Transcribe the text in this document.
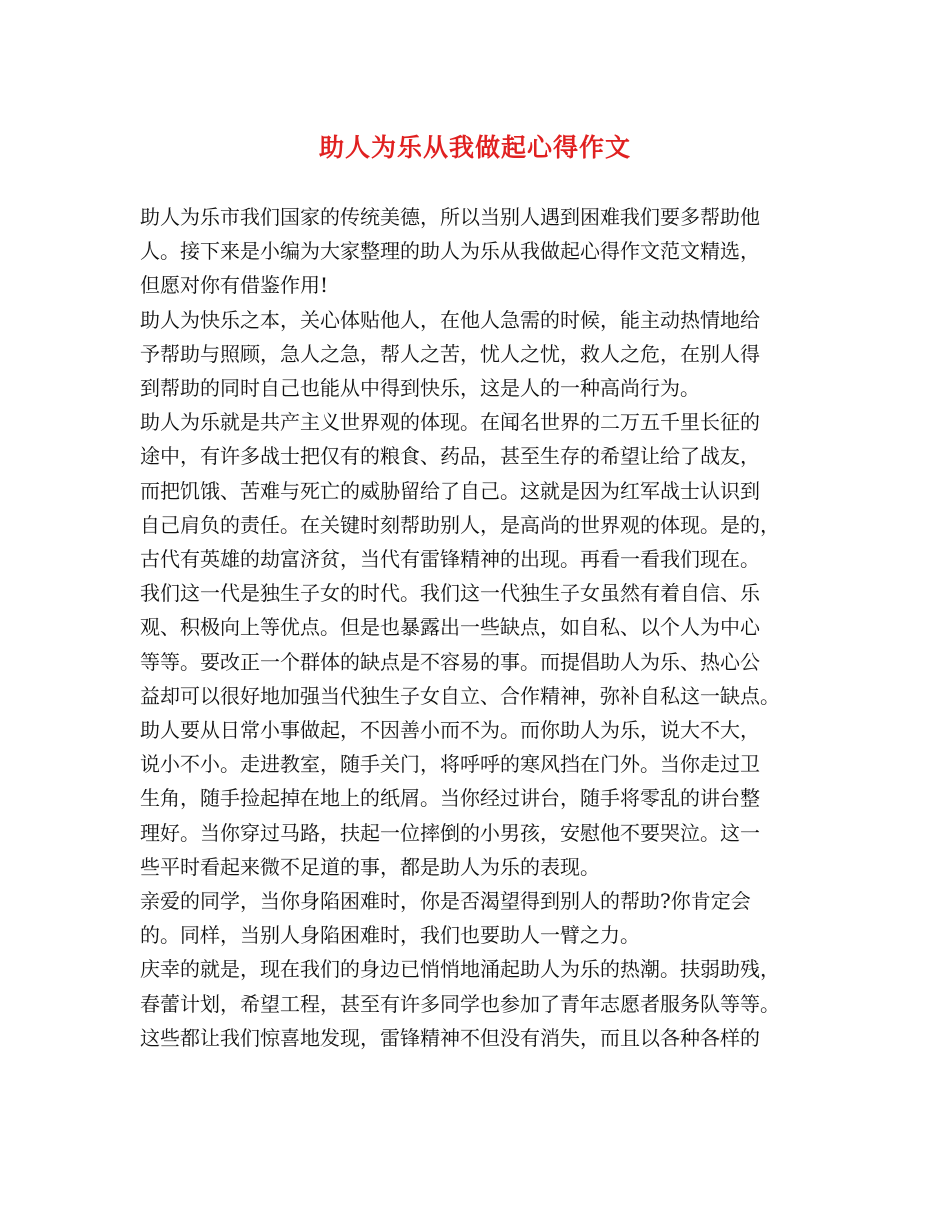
助人为乐从我做起心得作文
助人为乐市我们国家的传统美德，所以当别人遇到困难我们要多帮助他
人。接下来是小编为大家整理的助人为乐从我做起心得作文范文精选，
但愿对你有借鉴作用!
助人为快乐之本，关心体贴他人，在他人急需的时候，能主动热情地给
予帮助与照顾，急人之急，帮人之苦，忧人之忧，救人之危，在别人得
到帮助的同时自己也能从中得到快乐，这是人的一种高尚行为。
助人为乐就是共产主义世界观的体现。在闻名世界的二万五千里长征的
途中，有许多战士把仅有的粮食、药品，甚至生存的希望让给了战友，
而把饥饿、苦难与死亡的威胁留给了自己。这就是因为红军战士认识到
自己肩负的责任。在关键时刻帮助别人，是高尚的世界观的体现。是的，
古代有英雄的劫富济贫，当代有雷锋精神的出现。再看一看我们现在。
我们这一代是独生子女的时代。我们这一代独生子女虽然有着自信、乐
观、积极向上等优点。但是也暴露出一些缺点，如自私、以个人为中心
等等。要改正一个群体的缺点是不容易的事。而提倡助人为乐、热心公
益却可以很好地加强当代独生子女自立、合作精神，弥补自私这一缺点。
助人要从日常小事做起，不因善小而不为。而你助人为乐，说大不大，
说小不小。走进教室，随手关门，将呼呼的寒风挡在门外。当你走过卫
生角，随手捡起掉在地上的纸屑。当你经过讲台，随手将零乱的讲台整
理好。当你穿过马路，扶起一位摔倒的小男孩，安慰他不要哭泣。这一
些平时看起来微不足道的事，都是助人为乐的表现。
亲爱的同学，当你身陷困难时，你是否渴望得到别人的帮助?你肯定会
的。同样，当别人身陷困难时，我们也要助人一臂之力。
庆幸的就是，现在我们的身边已悄悄地涌起助人为乐的热潮。扶弱助残，
春蕾计划，希望工程，甚至有许多同学也参加了青年志愿者服务队等等。
这些都让我们惊喜地发现，雷锋精神不但没有消失，而且以各种各样的
